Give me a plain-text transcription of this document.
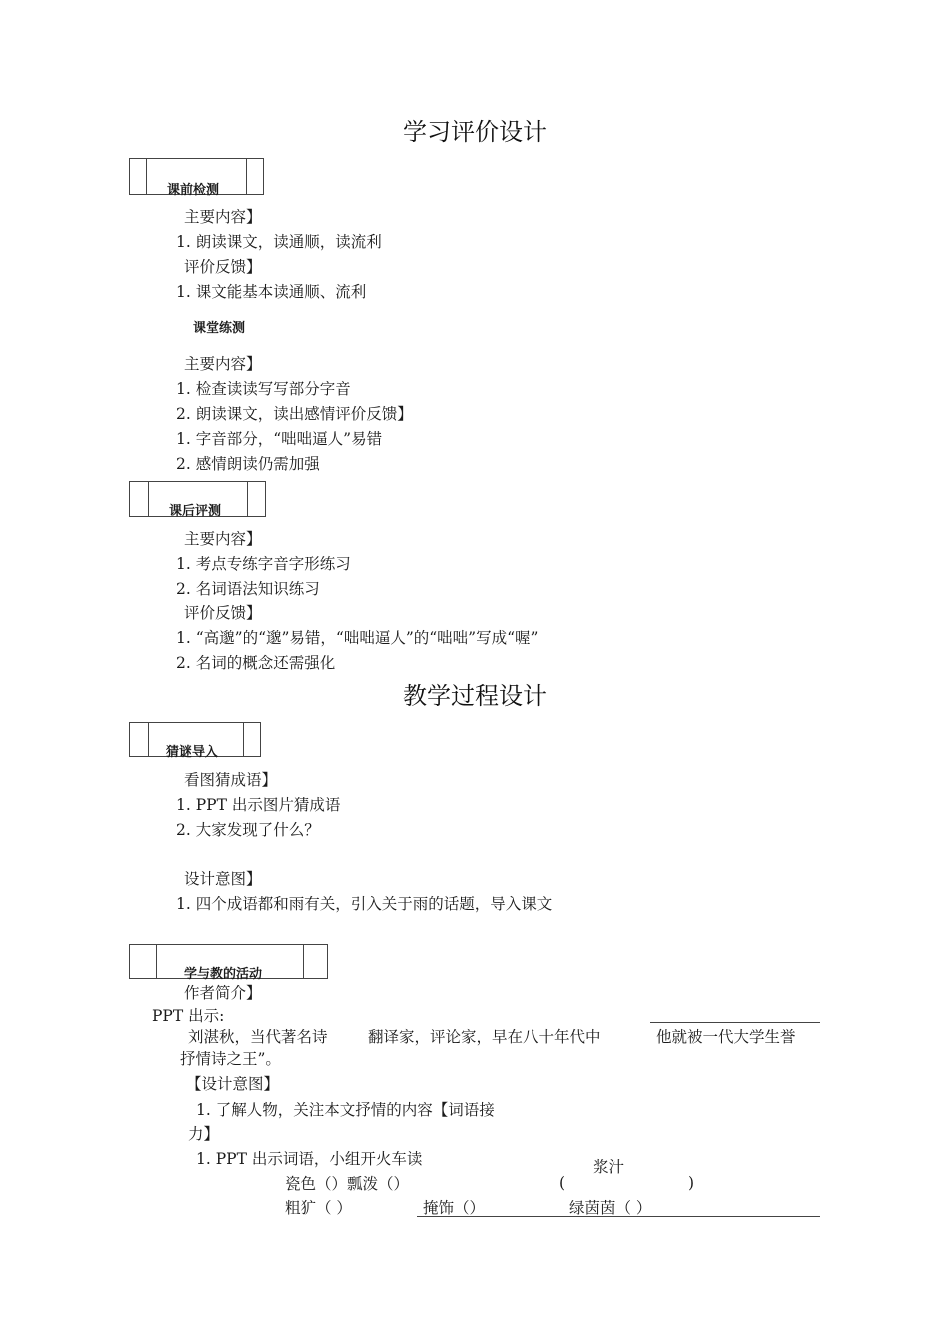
学习评价设计
课前检测
主要内容】
1. 朗读课文，读通顺，读流利
评价反馈】
1. 课文能基本读通顺、流利
课堂练测
主要内容】
1. 检查读读写写部分字音
2. 朗读课文，读出感情评价反馈】
1. 字音部分，“咄咄逼人”易错
2. 感情朗读仍需加强
课后评测
主要内容】
1. 考点专练字音字形练习
2. 名词语法知识练习
评价反馈】
1. “高邈”的“邈”易错，“咄咄逼人”的“咄咄”写成“喔”
2. 名词的概念还需强化
教学过程设计
猜谜导入
看图猜成语】
1. PPT 出示图片猜成语
2. 大家发现了什么？
设计意图】
1. 四个成语都和雨有关，引入关于雨的话题，导入课文
学与教的活动
作者简介】
PPT 出示:
刘湛秋，当代著名诗	翻译家，评论家，早在八十年代中	他就被一代大学生誉
抒情诗之王”。
【设计意图】
1. 了解人物，关注本文抒情的内容【词语接
力】
1. PPT 出示词语，小组开火车读	浆汁
瓷色（）瓢泼（）	(	)
粗犷（ ）	掩饰（）	绿茵茵（ ）
